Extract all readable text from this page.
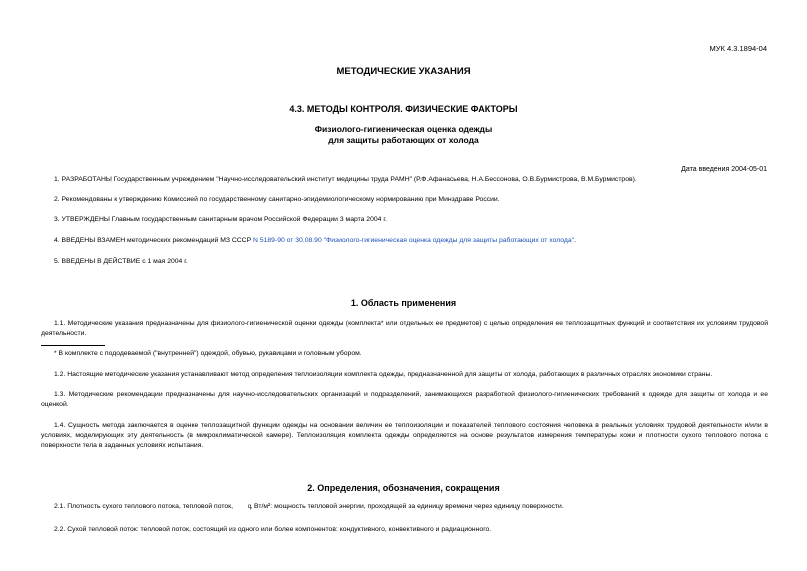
МУК 4.3.1894-04
МЕТОДИЧЕСКИЕ УКАЗАНИЯ
4.3. МЕТОДЫ КОНТРОЛЯ. ФИЗИЧЕСКИЕ ФАКТОРЫ
Физиолого-гигиеническая оценка одежды
для защиты работающих от холода
Дата введения 2004-05-01
1. РАЗРАБОТАНЫ Государственным учреждением "Научно-исследовательский институт медицины труда РАМН" (Р.Ф.Афанасьева, Н.А.Бессонова, О.В.Бурмистрова, В.М.Бурмистров).
2. Рекомендованы к утверждению Комиссией по государственному санитарно-эпидемиологическому нормированию при Минздраве России.
3. УТВЕРЖДЕНЫ Главным государственным санитарным врачом Российской Федерации 3 марта 2004 г.
4. ВВЕДЕНЫ ВЗАМЕН методических рекомендаций МЗ СССР N 5189-90 от 30.08.90 "Физиолого-гигиеническая оценка одежды для защиты работающих от холода".
5. ВВЕДЕНЫ В ДЕЙСТВИЕ с 1 мая 2004 г.
1. Область применения
1.1. Методические указания предназначены для физиолого-гигиенической оценки одежды (комплекта* или отдельных ее предметов) с целью определения ее теплозащитных функций и соответствия их условиям трудовой деятельности.
* В комплекте с пододеваемой ("внутренней") одеждой, обувью, рукавицами и головным убором.
1.2. Настоящие методические указания устанавливают метод определения теплоизоляции комплекта одежды, предназначенной для защиты от холода, работающих в различных отраслях экономики страны.
1.3. Методические рекомендации предназначены для научно-исследовательских организаций и подразделений, занимающихся разработкой физиолого-гигиенических требований к одежде для защиты от холода и ее оценкой.
1.4. Сущность метода заключается в оценке теплозащитной функции одежды на основании величин ее теплоизоляции и показателей теплового состояния человека в реальных условиях трудовой деятельности и/или в условиях, моделирующих эту деятельность (в микроклиматической камере). Теплоизоляция комплекта одежды определяется на основе результатов измерения температуры кожи и плотности сухого теплового потока с поверхности тела в заданных условиях испытания.
2. Определения, обозначения, сокращения
2.1. Плотность сухого теплового потока, тепловой поток, q, Вт/м²: мощность тепловой энергии, проходящей за единицу времени через единицу поверхности.
2.2. Сухой тепловой поток: тепловой поток, состоящий из одного или более компонентов: кондуктивного, конвективного и радиационного.
